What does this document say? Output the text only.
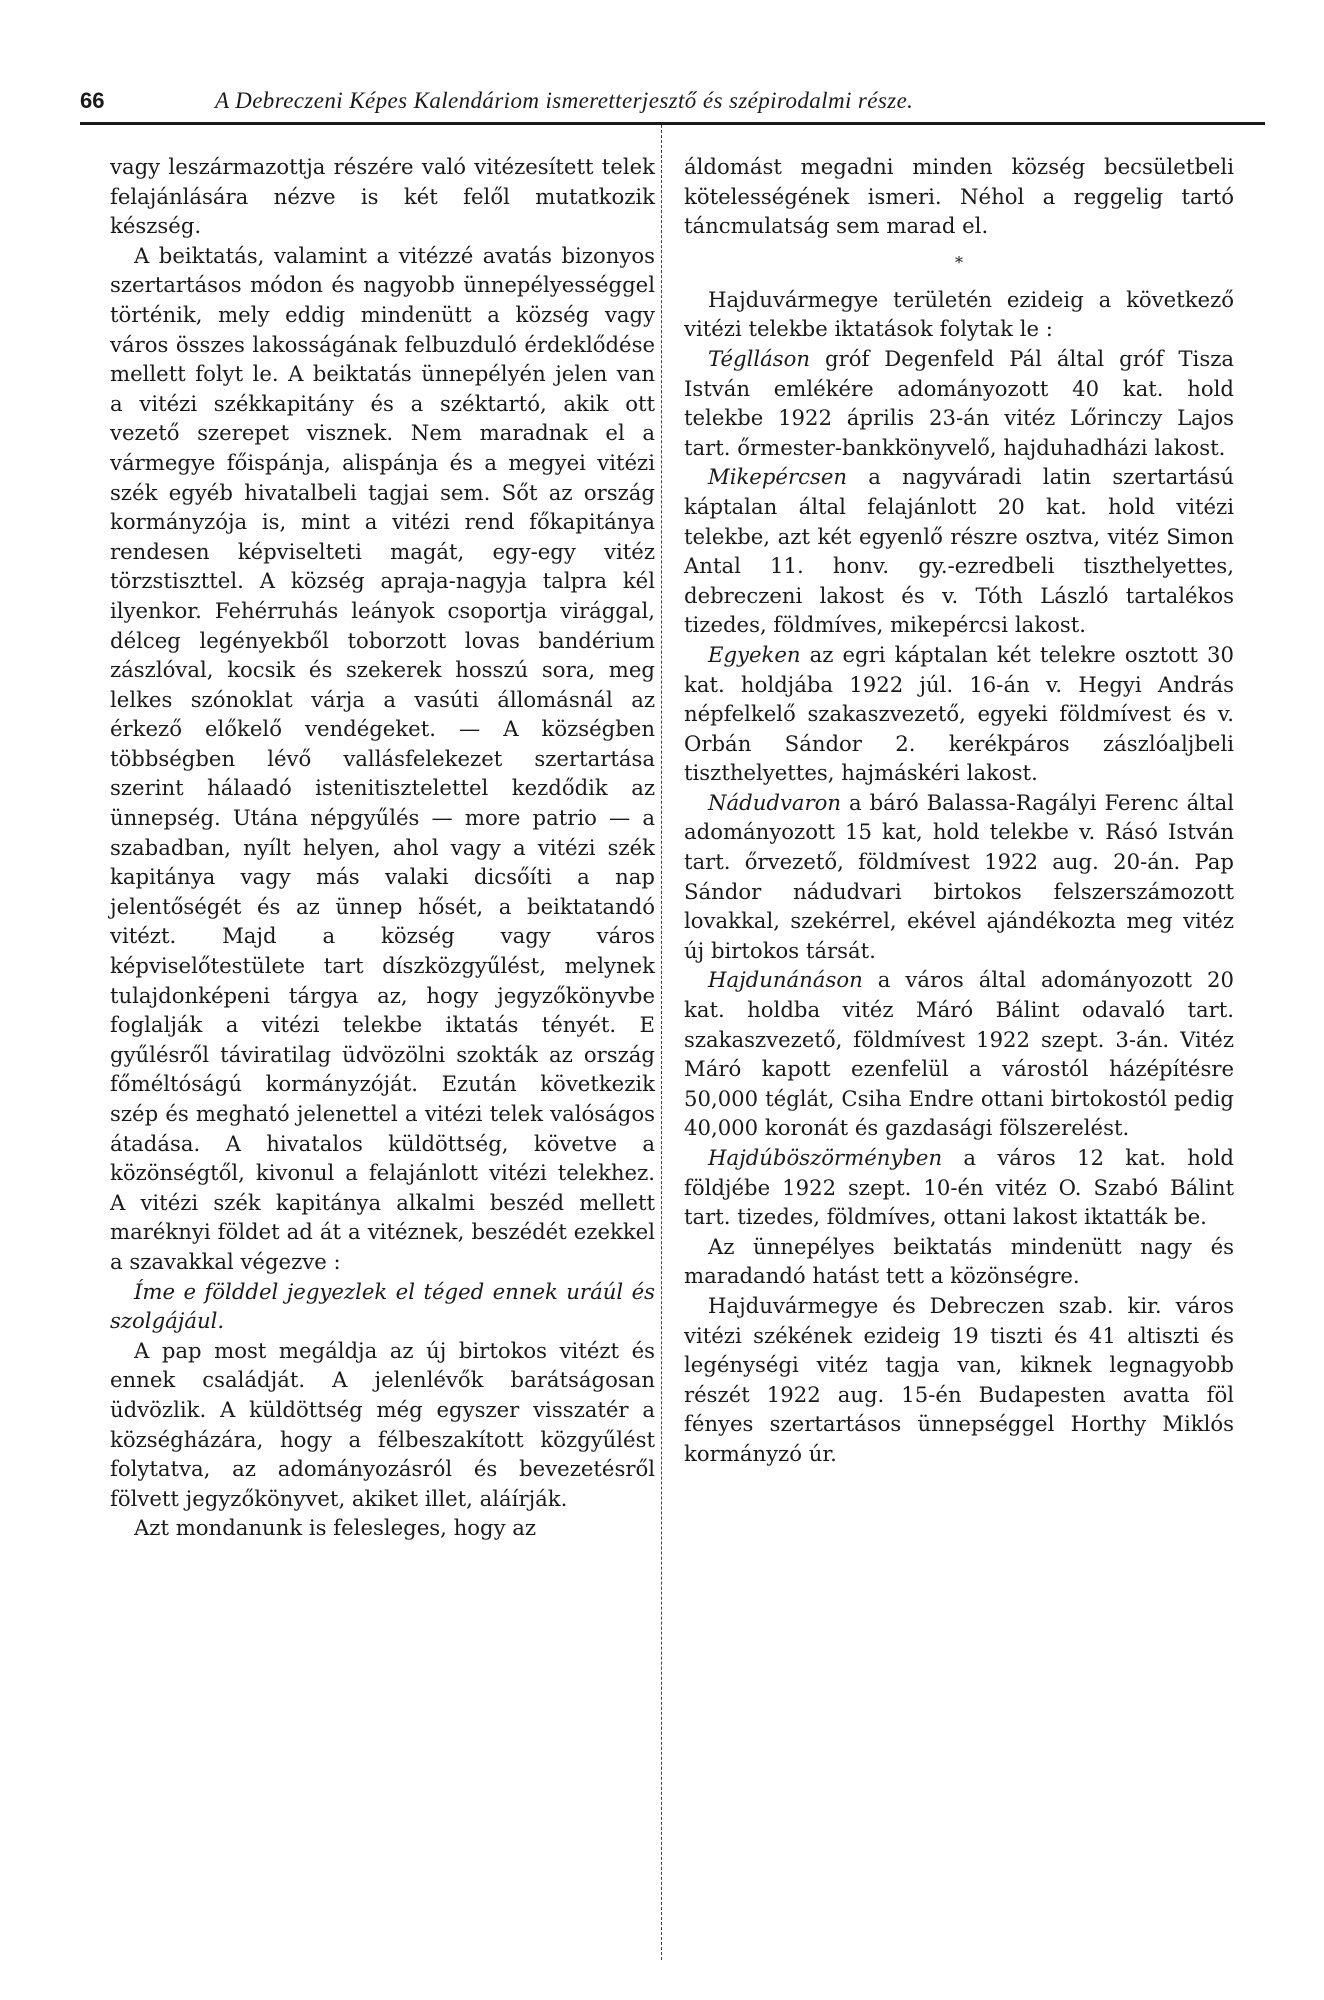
66	A Debreczeni Képes Kalendáriom ismeretterjesztő és szépirodalmi része.

vagy leszármazottja részére való vitézesített telek felajánlására nézve is két felől mutatkozik készség.

A beiktatás, valamint a vitézzé avatás bizonyos szertartásos módon és nagyobb ünnepélyességgel történik, mely eddig mindenütt a község vagy város összes lakosságának felbuzduló érdeklődése mellett folyt le. A beiktatás ünnepélyén jelen van a vitézi székkapitány és a széktartó, akik ott vezető szerepet visznek. Nem maradnak el a vármegye főispánja, alispánja és a megyei vitézi szék egyéb hivatalbeli tagjai sem. Sőt az ország kormányzója is, mint a vitézi rend főkapitánya rendesen képviselteti magát, egy-egy vitéz törzstiszttel. A község apraja-nagyja talpra kél ilyenkor. Fehérruhás leányok csoportja virággal, délceg legényekből toborzott lovas bandérium zászlóval, kocsik és szekerek hosszú sora, meg lelkes szónoklat várja a vasúti állomásnál az érkező előkelő vendégeket. — A községben többségben lévő vallásfelekezet szertartása szerint hálaadó istenitisztelettel kezdődik az ünnepség. Utána népgyűlés — more patrio — a szabadban, nyílt helyen, ahol vagy a vitézi szék kapitánya vagy más valaki dicsőíti a nap jelentőségét és az ünnep hősét, a beiktatandó vitézt. Majd a község vagy város képviselőtestülete tart díszközgyűlést, melynek tulajdonképeni tárgya az, hogy jegyzőkönyvbe foglalják a vitézi telekbe iktatás tényét. E gyűlésről táviratilag üdvözölni szokták az ország főméltóságú kormányzóját. Ezután következik szép és megható jelenettel a vitézi telek valóságos átadása. A hivatalos küldöttség, követve a közönségtől, kivonul a felajánlott vitézi telekhez. A vitézi szék kapitánya alkalmi beszéd mellett maréknyi földet ad át a vitéznek, beszédét ezekkel a szavakkal végezve :

Íme e földdel jegyezlek el téged ennek uráúl és szolgájául.

A pap most megáldja az új birtokos vitézt és ennek családját. A jelenlévők barátságosan üdvözlik. A küldöttség még egyszer visszatér a községházára, hogy a félbeszakított közgyűlést folytatva, az adományozásról és bevezetésről fölvett jegyzőkönyvet, akiket illet, aláírják.

Azt mondanunk is felesleges, hogy az

áldomást megadni minden község becsületbeli kötelességének ismeri. Néhol a reggelig tartó táncmulatság sem marad el.

*

Hajduvármegye területén ezideig a következő vitézi telekbe iktatások folytak le :

Téglláson gróf Degenfeld Pál által gróf Tisza István emlékére adományozott 40 kat. hold telekbe 1922 április 23-án vitéz Lőrinczy Lajos tart. őrmester-bankkönyvelő, hajduhadházi lakost.

Mikepércsen a nagyváradi latin szertartású káptalan által felajánlott 20 kat. hold vitézi telekbe, azt két egyenlő részre osztva, vitéz Simon Antal 11. honv. gy.-ezredbeli tiszthelyettes, debreczeni lakost és v. Tóth László tartalékos tizedes, földmíves, mikepércsi lakost.

Egyeken az egri káptalan két telekre osztott 30 kat. holdjába 1922 júl. 16-án v. Hegyi András népfelkelő szakaszvezető, egyeki földmívest és v. Orbán Sándor 2. kerékpáros zászlóaljbeli tiszthelyettes, hajmáskéri lakost.

Nádudvaron a báró Balassa-Ragályi Ferenc által adományozott 15 kat, hold telekbe v. Rásó István tart. őrvezető, földmívest 1922 aug. 20-án. Pap Sándor nádudvari birtokos felszerszámozott lovakkal, szekérrel, ekével ajándékozta meg vitéz új birtokos társát.

Hajdunánáson a város által adományozott 20 kat. holdba vitéz Máró Bálint odavaló tart. szakaszvezető, földmívest 1922 szept. 3-án. Vitéz Máró kapott ezenfelül a várostól házépítésre 50,000 téglát, Csiha Endre ottani birtokostól pedig 40,000 koronát és gazdasági fölszerelést.

Hajdúböszörményben a város 12 kat. hold földjébe 1922 szept. 10-én vitéz O. Szabó Bálint tart. tizedes, földmíves, ottani lakost iktatták be.

Az ünnepélyes beiktatás mindenütt nagy és maradandó hatást tett a közönségre.

Hajduvármegye és Debreczen szab. kir. város vitézi székének ezideig 19 tiszti és 41 altiszti és legénységi vitéz tagja van, kiknek legnagyobb részét 1922 aug. 15-én Budapesten avatta föl fényes szertartásos ünnepséggel Horthy Miklós kormányzó úr.
